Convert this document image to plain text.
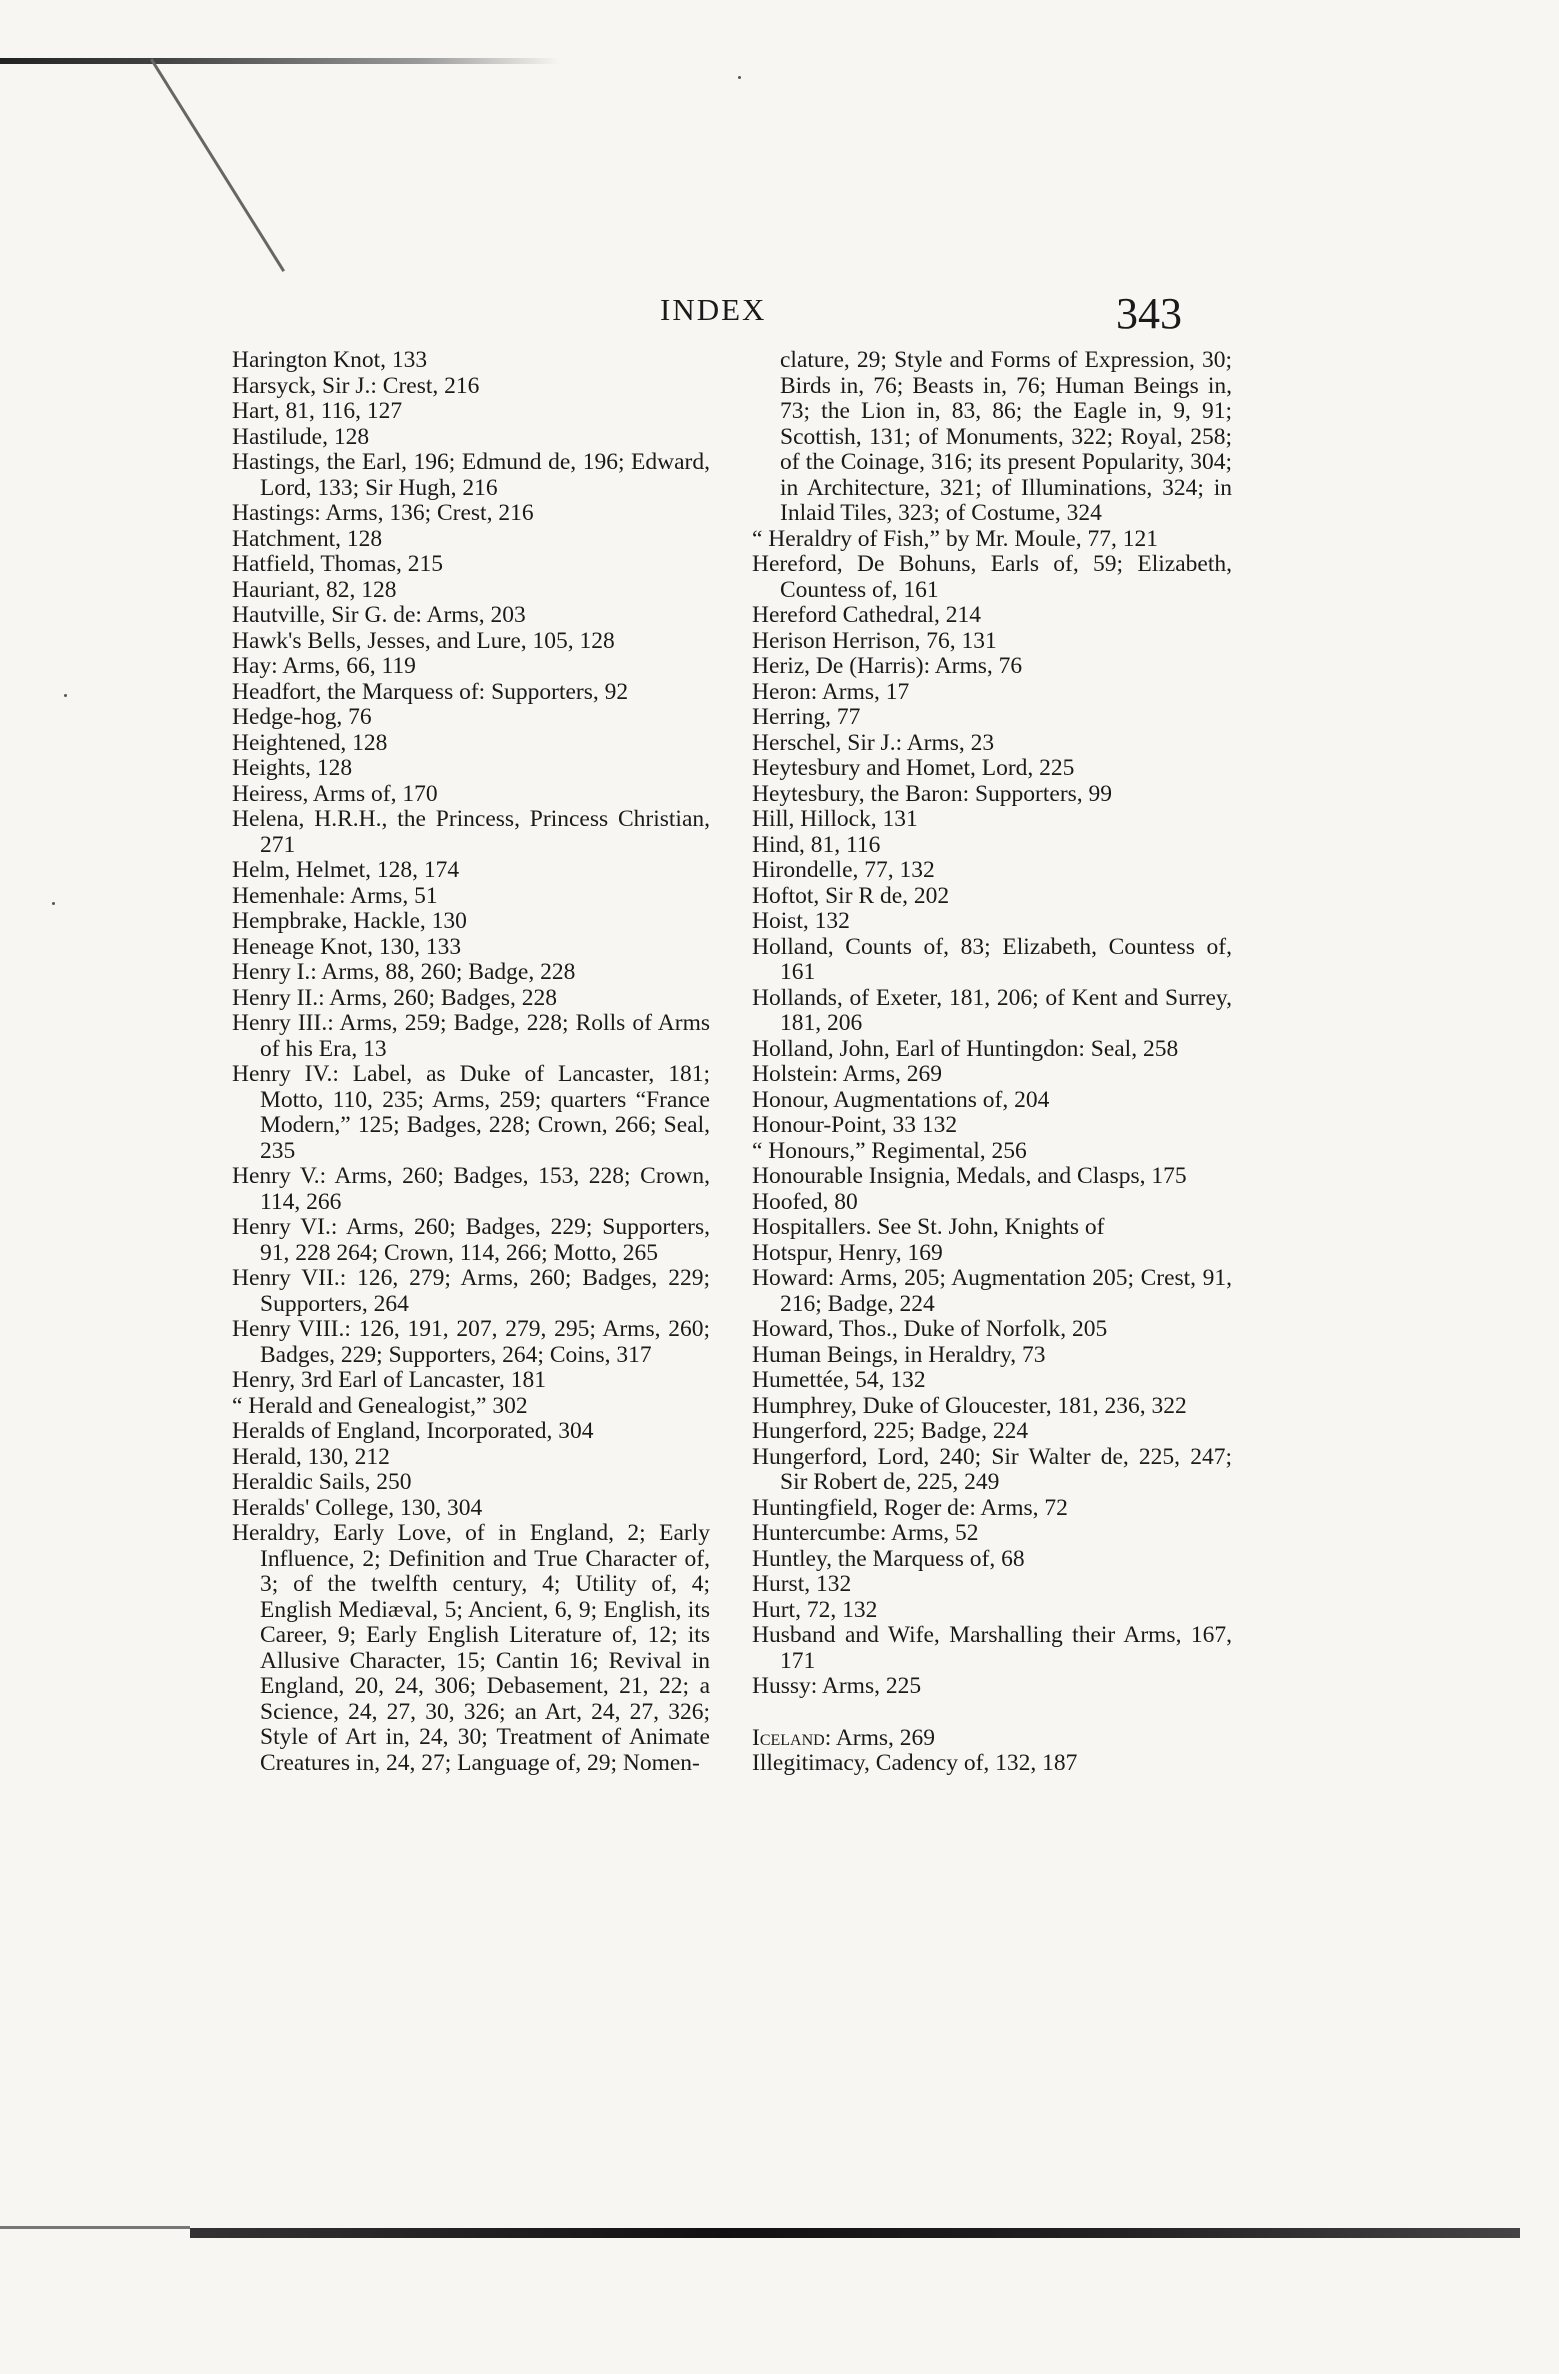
INDEX	343

Harington Knot, 133

Harsyck, Sir J.: Crest, 216

Hart, 81, 116, 127

Hastilude, 128

Hastings, the Earl, 196; Edmund de, 196; Edward, Lord, 133; Sir Hugh, 216

Hastings: Arms, 136; Crest, 216

Hatchment, 128

Hatfield, Thomas, 215

Hauriant, 82, 128

Hautville, Sir G. de: Arms, 203

Hawk's Bells, Jesses, and Lure, 105, 128

Hay: Arms, 66, 119

Headfort, the Marquess of: Supporters, 92

Hedge-hog, 76

Heightened, 128

Heights, 128

Heiress, Arms of, 170

Helena, H.R.H., the Princess, Princess Christian, 271

Helm, Helmet, 128, 174

Hemenhale: Arms, 51

Hempbrake, Hackle, 130

Heneage Knot, 130, 133

Henry I.: Arms, 88, 260; Badge, 228

Henry II.: Arms, 260; Badges, 228

Henry III.: Arms, 259; Badge, 228; Rolls of Arms of his Era, 13

Henry IV.: Label, as Duke of Lancaster, 181; Motto, 110, 235; Arms, 259; quarters “France Modern,” 125; Badges, 228; Crown, 266; Seal, 235

Henry V.: Arms, 260; Badges, 153, 228; Crown, 114, 266

Henry VI.: Arms, 260; Badges, 229; Supporters, 91, 228 264; Crown, 114, 266; Motto, 265

Henry VII.: 126, 279; Arms, 260; Badges, 229; Supporters, 264

Henry VIII.: 126, 191, 207, 279, 295; Arms, 260; Badges, 229; Supporters, 264; Coins, 317

Henry, 3rd Earl of Lancaster, 181

“ Herald and Genealogist,” 302

Heralds of England, Incorporated, 304

Herald, 130, 212

Heraldic Sails, 250

Heralds' College, 130, 304

Heraldry, Early Love, of in England, 2; Early Influence, 2; Definition and True Character of, 3; of the twelfth century, 4; Utility of, 4; English Mediæval, 5; Ancient, 6, 9; English, its Career, 9; Early English Literature of, 12; its Allusive Character, 15; Cantin 16; Revival in England, 20, 24, 306; Debasement, 21, 22; a Science, 24, 27, 30, 326; an Art, 24, 27, 326; Style of Art in, 24, 30; Treatment of Animate Creatures in, 24, 27; Language of, 29; Nomen-

clature, 29; Style and Forms of Expression, 30; Birds in, 76; Beasts in, 76; Human Beings in, 73; the Lion in, 83, 86; the Eagle in, 9, 91; Scottish, 131; of Monuments, 322; Royal, 258; of the Coinage, 316; its present Popularity, 304; in Architecture, 321; of Illuminations, 324; in Inlaid Tiles, 323; of Costume, 324

“ Heraldry of Fish,” by Mr. Moule, 77, 121

Hereford, De Bohuns, Earls of, 59; Elizabeth, Countess of, 161

Hereford Cathedral, 214

Herison Herrison, 76, 131

Heriz, De (Harris): Arms, 76

Heron: Arms, 17

Herring, 77

Herschel, Sir J.: Arms, 23

Heytesbury and Homet, Lord, 225

Heytesbury, the Baron: Supporters, 99

Hill, Hillock, 131

Hind, 81, 116

Hirondelle, 77, 132

Hoftot, Sir R de, 202

Hoist, 132

Holland, Counts of, 83; Elizabeth, Countess of, 161

Hollands, of Exeter, 181, 206; of Kent and Surrey, 181, 206

Holland, John, Earl of Huntingdon: Seal, 258

Holstein: Arms, 269

Honour, Augmentations of, 204

Honour-Point, 33 132

“ Honours,” Regimental, 256

Honourable Insignia, Medals, and Clasps, 175

Hoofed, 80

Hospitallers. See St. John, Knights of

Hotspur, Henry, 169

Howard: Arms, 205; Augmentation 205; Crest, 91, 216; Badge, 224

Howard, Thos., Duke of Norfolk, 205

Human Beings, in Heraldry, 73

Humettée, 54, 132

Humphrey, Duke of Gloucester, 181, 236, 322

Hungerford, 225; Badge, 224

Hungerford, Lord, 240; Sir Walter de, 225, 247; Sir Robert de, 225, 249

Huntingfield, Roger de: Arms, 72

Huntercumbe: Arms, 52

Huntley, the Marquess of, 68

Hurst, 132

Hurt, 72, 132

Husband and Wife, Marshalling their Arms, 167, 171

Hussy: Arms, 225

Iceland: Arms, 269

Illegitimacy, Cadency of, 132, 187
